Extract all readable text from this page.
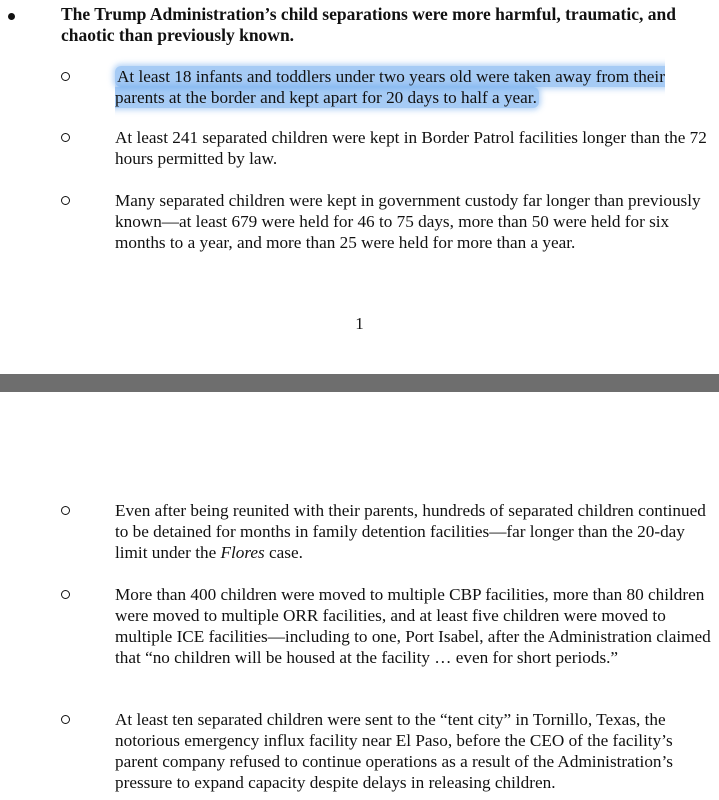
The Trump Administration’s child separations were more harmful, traumatic, and chaotic than previously known.

At least 18 infants and toddlers under two years old were taken away from their parents at the border and kept apart for 20 days to half a year.

At least 241 separated children were kept in Border Patrol facilities longer than the 72 hours permitted by law.

Many separated children were kept in government custody far longer than previously known—at least 679 were held for 46 to 75 days, more than 50 were held for six months to a year, and more than 25 were held for more than a year.

1

Even after being reunited with their parents, hundreds of separated children continued to be detained for months in family detention facilities—far longer than the 20-day limit under the Flores case.

More than 400 children were moved to multiple CBP facilities, more than 80 children were moved to multiple ORR facilities, and at least five children were moved to multiple ICE facilities—including to one, Port Isabel, after the Administration claimed that “no children will be housed at the facility … even for short periods.”

At least ten separated children were sent to the “tent city” in Tornillo, Texas, the notorious emergency influx facility near El Paso, before the CEO of the facility’s parent company refused to continue operations as a result of the Administration’s pressure to expand capacity despite delays in releasing children.
